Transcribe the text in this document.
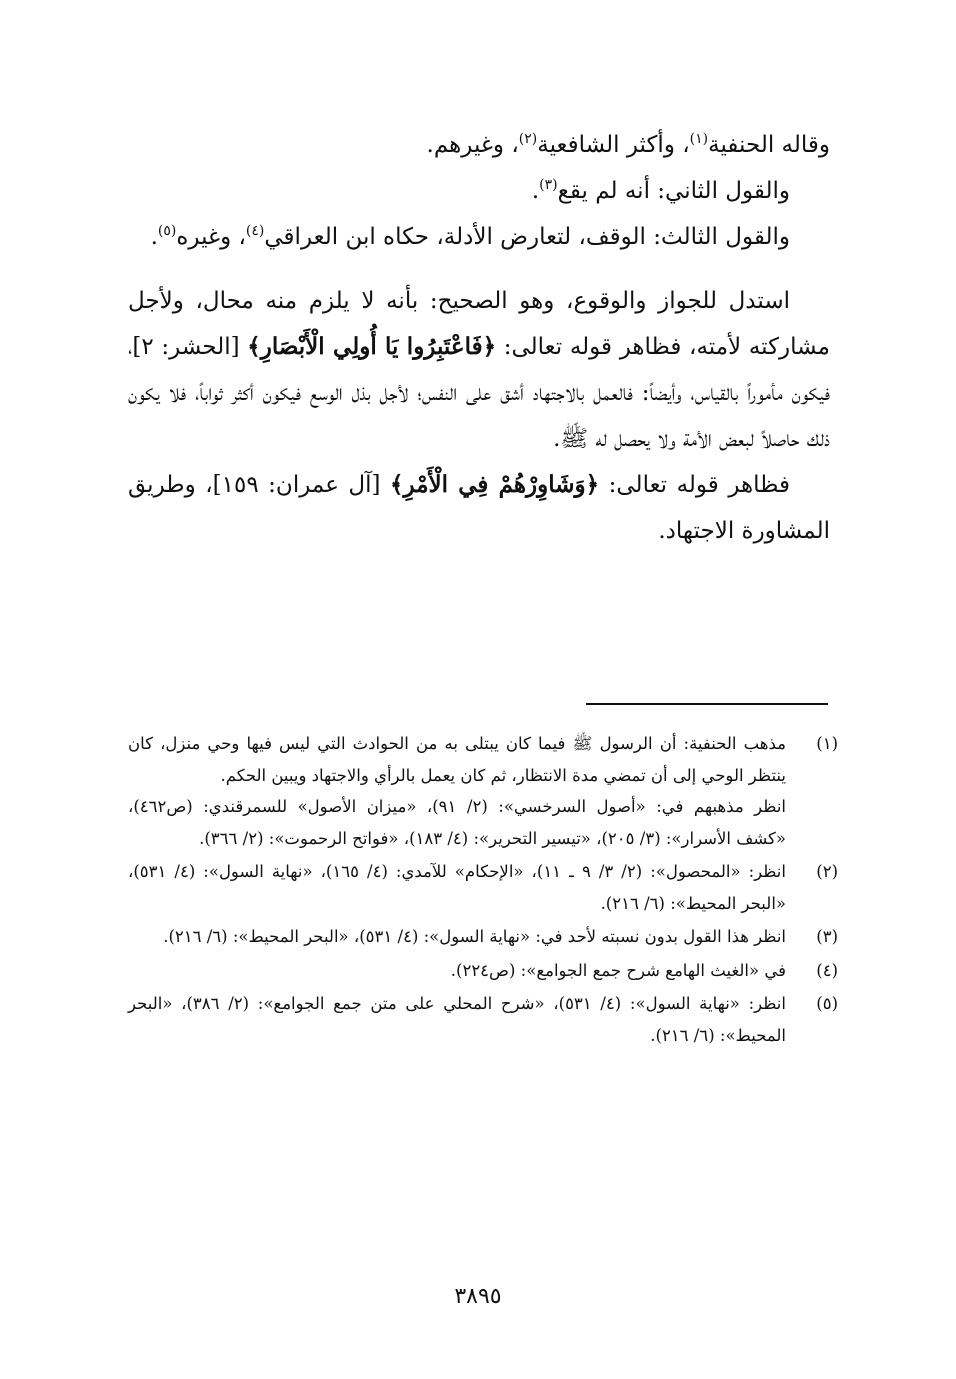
وقاله الحنفية$^{(١)}$، وأكثر الشافعية$^{(٢)}$، وغيرهم.

والقول الثاني: أنه لم يقع$^{(٣)}$.

والقول الثالث: الوقف، لتعارض الأدلة، حكاه ابن العراقي$^{(٤)}$، وغيره$^{(٥)}$.

استدل للجواز والوقوع، وهو الصحيح: بأنه لا يلزم منه محال، ولأجل مشاركته لأمته، فظاهر قوله تعالى: ﴿فَاعْتَبِرُوا يَا أُولِي الْأَبْصَارِ﴾ [الحشر: ٢]، فيكون مأموراً بالقياس، وأيضاً: فالعمل بالاجتهاد أشق على النفس؛ لأجل بذل الوسع فيكون أكثر ثواباً، فلا يكون ذلك حاصلاً لبعض الأمة ولا يحصل له ﷺ.

فظاهر قوله تعالى: ﴿وَشَاوِرْهُمْ فِي الْأَمْرِ﴾ [آل عمران: ١٥٩]، وطريق المشاورة الاجتهاد.

(١)

مذهب الحنفية: أن الرسول ﷺ فيما كان يبتلى به من الحوادث التي ليس فيها وحي منزل، كان ينتظر الوحي إلى أن تمضي مدة الانتظار، ثم كان يعمل بالرأي والاجتهاد ويبين الحكم.

انظر مذهبهم في: «أصول السرخسي»: (٢/ ٩١)، «ميزان الأصول» للسمرقندي: (ص٤٦٢)، «كشف الأسرار»: (٣/ ٢٠٥)، «تيسير التحرير»: (٤/ ١٨٣)، «فواتح الرحموت»: (٢/ ٣٦٦).

(٢)

انظر: «المحصول»: (٢/ ٣/ ٩ ـ ١١)، «الإحكام» للآمدي: (٤/ ١٦٥)، «نهاية السول»: (٤/ ٥٣١)، «البحر المحيط»: (٦/ ٢١٦).

(٣)

انظر هذا القول بدون نسبته لأحد في: «نهاية السول»: (٤/ ٥٣١)، «البحر المحيط»: (٦/ ٢١٦).

(٤)

في «الغيث الهامع شرح جمع الجوامع»: (ص٢٢٤).

(٥)

انظر: «نهاية السول»: (٤/ ٥٣١)، «شرح المحلي على متن جمع الجوامع»: (٢/ ٣٨٦)، «البحر المحيط»: (٦/ ٢١٦).

٣٨٩٥
